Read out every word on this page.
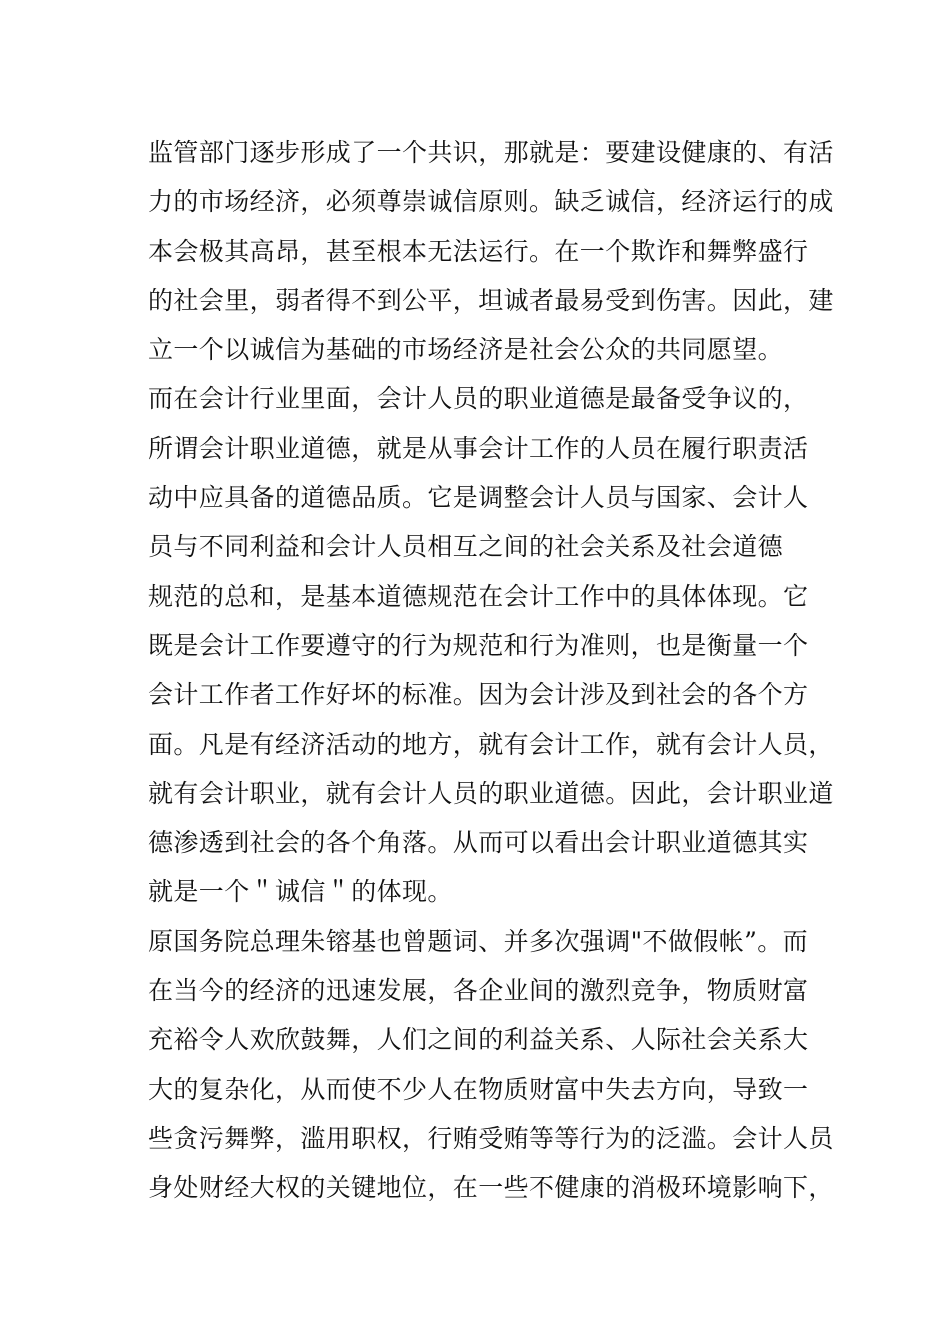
监管部门逐步形成了一个共识，那就是：要建设健康的、有活
力的市场经济，必须尊崇诚信原则。缺乏诚信，经济运行的成
本会极其高昂，甚至根本无法运行。在一个欺诈和舞弊盛行
的社会里，弱者得不到公平，坦诚者最易受到伤害。因此，建
立一个以诚信为基础的市场经济是社会公众的共同愿望。
而在会计行业里面，会计人员的职业道德是最备受争议的，
所谓会计职业道德，就是从事会计工作的人员在履行职责活
动中应具备的道德品质。它是调整会计人员与国家、会计人
员与不同利益和会计人员相互之间的社会关系及社会道德
规范的总和，是基本道德规范在会计工作中的具体体现。它
既是会计工作要遵守的行为规范和行为准则，也是衡量一个
会计工作者工作好坏的标准。因为会计涉及到社会的各个方
面。凡是有经济活动的地方，就有会计工作，就有会计人员，
就有会计职业，就有会计人员的职业道德。因此，会计职业道
德渗透到社会的各个角落。从而可以看出会计职业道德其实
就是一个＂诚信＂的体现。
原国务院总理朱镕基也曾题词、并多次强调"不做假帐”。而
在当今的经济的迅速发展，各企业间的激烈竞争，物质财富
充裕令人欢欣鼓舞，人们之间的利益关系、人际社会关系大
大的复杂化，从而使不少人在物质财富中失去方向，导致一
些贪污舞弊，滥用职权，行贿受贿等等行为的泛滥。会计人员
身处财经大权的关键地位，在一些不健康的消极环境影响下，
